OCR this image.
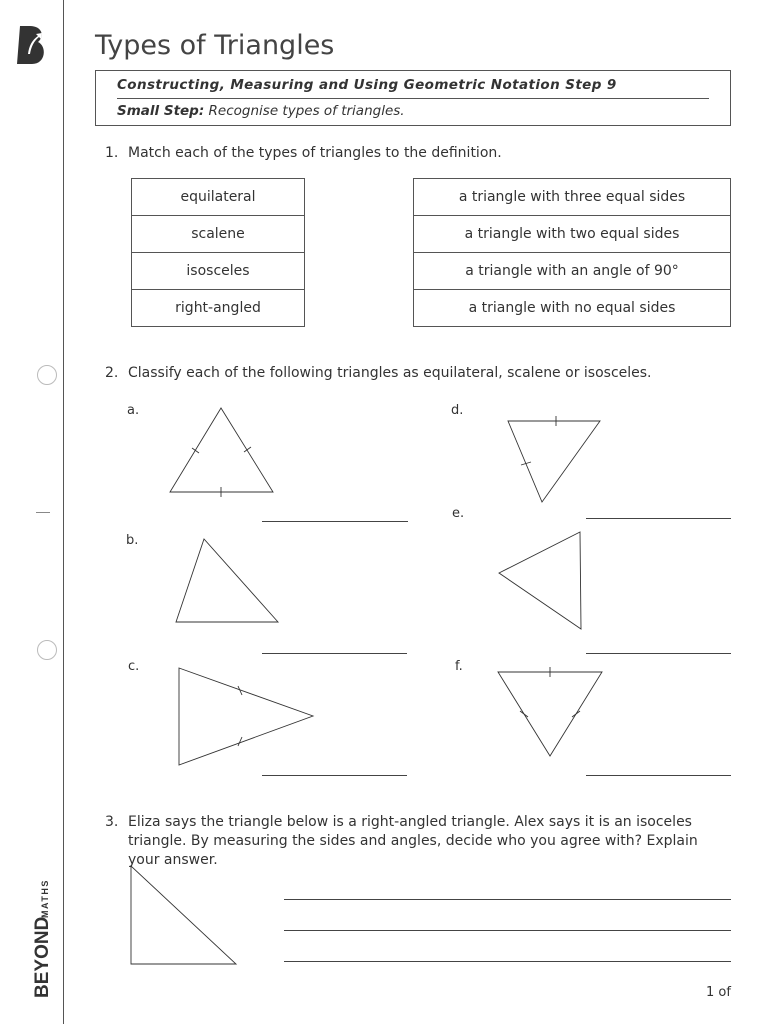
Types of Triangles
Constructing, Measuring and Using Geometric Notation Step 9
Small Step: Recognise types of triangles.
1. Match each of the types of triangles to the definition.
equilateral
scalene
isosceles
right-angled
a triangle with three equal sides
a triangle with two equal sides
a triangle with an angle of 90°
a triangle with no equal sides
2. Classify each of the following triangles as equilateral, scalene or isosceles.
a.
b.
c.
d.
e.
f.
3. Eliza says the triangle below is a right-angled triangle. Alex says it is an isoceles triangle. By measuring the sides and angles, decide who you agree with? Explain your answer.
BEYOND
MATHS
1 of
